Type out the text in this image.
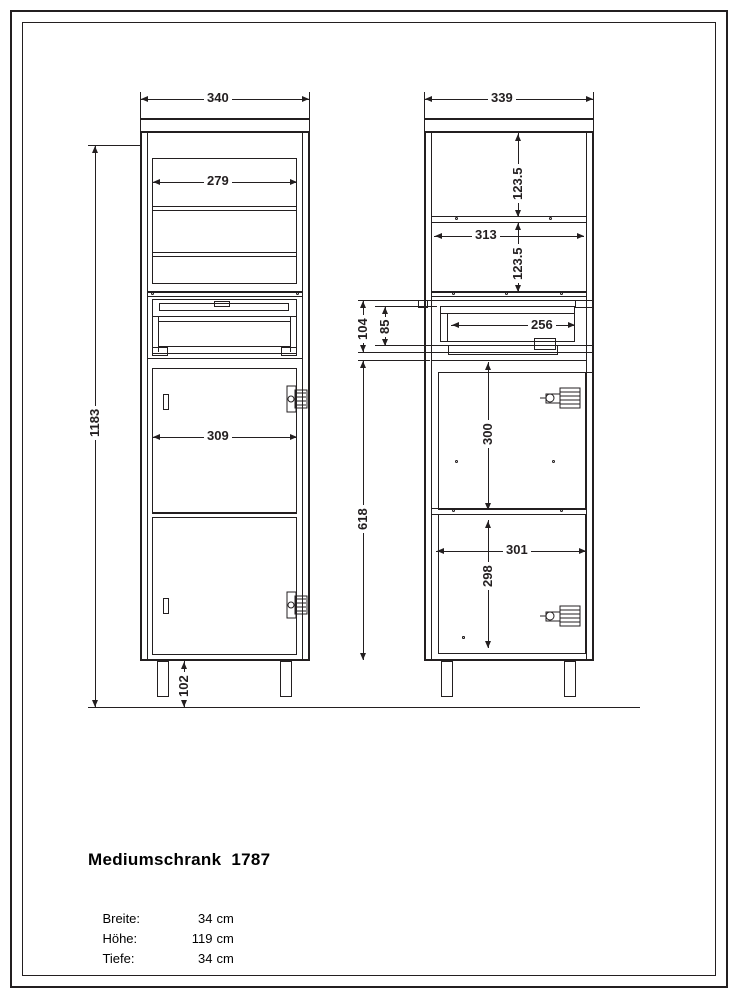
340
279
309
1183
102
339
123.5
313
123.5
104 85	256
300
618
301
298
Mediumschrank  1787

Breite:	34 cm

Höhe:	119 cm

Tiefe:	34 cm
